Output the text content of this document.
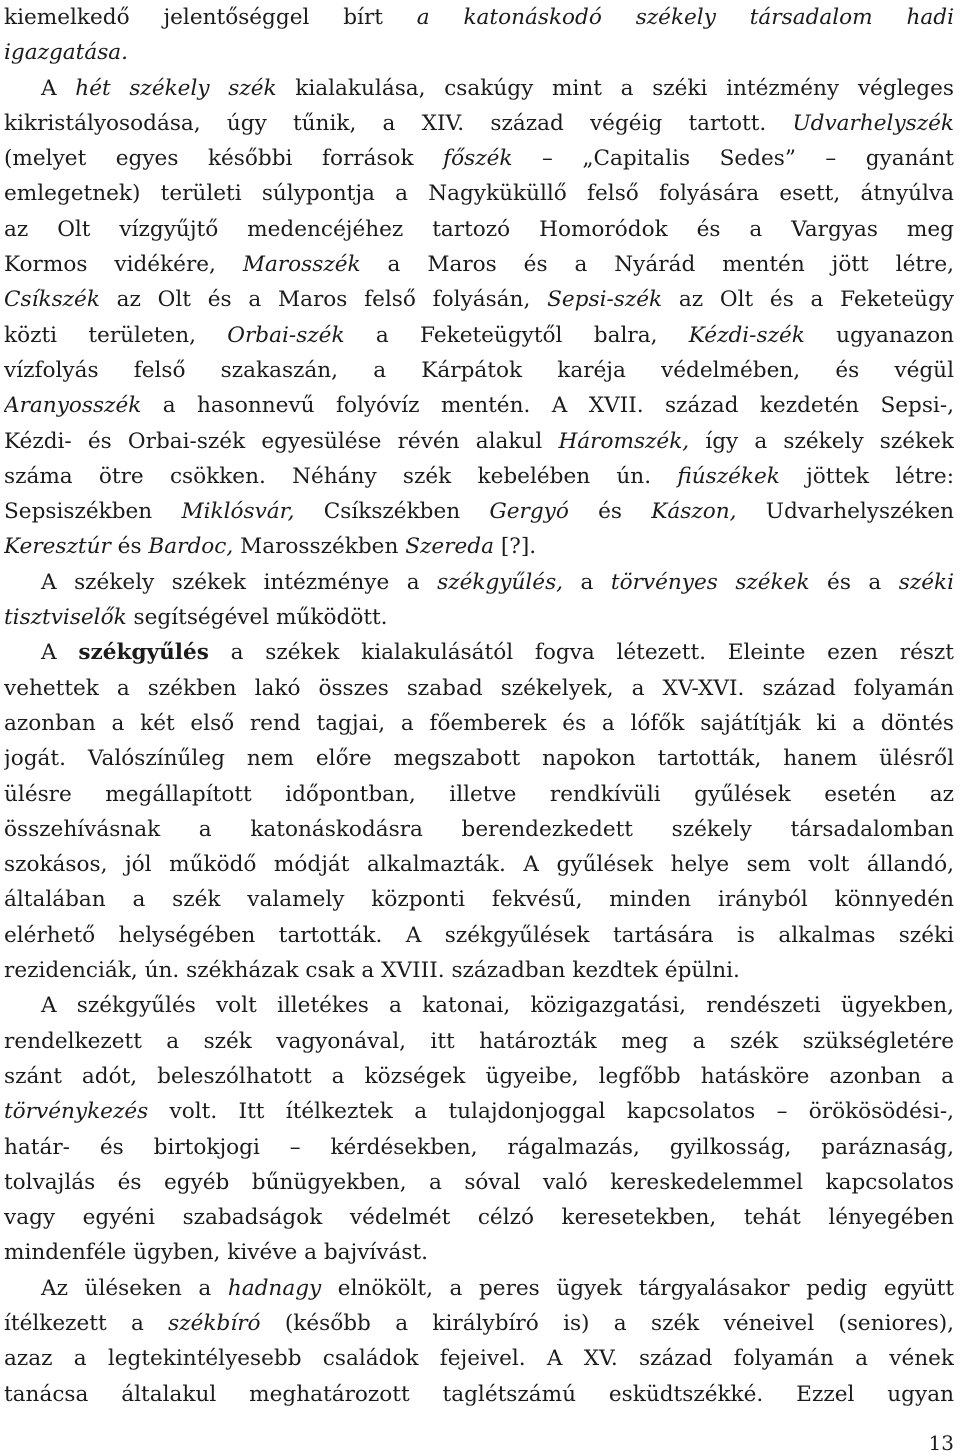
kiemelkedő jelentőséggel bírt a katonáskodó székely társadalom hadi
igazgatása.
A hét székely szék kialakulása, csakúgy mint a széki intézmény végleges
kikristályosodása, úgy tűnik, a XIV. század végéig tartott. Udvarhelyszék
(melyet egyes későbbi források főszék – „Capitalis Sedes” – gyanánt
emlegetnek) területi súlypontja a Nagyküküllő felső folyására esett, átnyúlva
az Olt vízgyűjtő medencéjéhez tartozó Homoródok és a Vargyas meg
Kormos vidékére, Marosszék a Maros és a Nyárád mentén jött létre,
Csíkszék az Olt és a Maros felső folyásán, Sepsi-szék az Olt és a Feketeügy
közti területen, Orbai-szék a Feketeügytől balra, Kézdi-szék ugyanazon
vízfolyás felső szakaszán, a Kárpátok karéja védelmében, és végül
Aranyosszék a hasonnevű folyóvíz mentén. A XVII. század kezdetén Sepsi-,
Kézdi- és Orbai-szék egyesülése révén alakul Háromszék, így a székely székek
száma ötre csökken. Néhány szék kebelében ún. fiúszékek jöttek létre:
Sepsiszékben Miklósvár, Csíkszékben Gergyó és Kászon, Udvarhelyszéken
Keresztúr és Bardoc, Marosszékben Szereda [?].
A székely székek intézménye a székgyűlés, a törvényes székek és a széki
tisztviselők segítségével működött.
A székgyűlés a székek kialakulásától fogva létezett. Eleinte ezen részt
vehettek a székben lakó összes szabad székelyek, a XV-XVI. század folyamán
azonban a két első rend tagjai, a főemberek és a lófők sajátítják ki a döntés
jogát. Valószínűleg nem előre megszabott napokon tartották, hanem ülésről
ülésre megállapított időpontban, illetve rendkívüli gyűlések esetén az
összehívásnak a katonáskodásra berendezkedett székely társadalomban
szokásos, jól működő módját alkalmazták. A gyűlések helye sem volt állandó,
általában a szék valamely központi fekvésű, minden irányból könnyedén
elérhető helységében tartották. A székgyűlések tartására is alkalmas széki
rezidenciák, ún. székházak csak a XVIII. században kezdtek épülni.
A székgyűlés volt illetékes a katonai, közigazgatási, rendészeti ügyekben,
rendelkezett a szék vagyonával, itt határozták meg a szék szükségletére
szánt adót, beleszólhatott a községek ügyeibe, legfőbb hatásköre azonban a
törvénykezés volt. Itt ítélkeztek a tulajdonjoggal kapcsolatos – örökösödési-,
határ- és birtokjogi – kérdésekben, rágalmazás, gyilkosság, paráznaság,
tolvajlás és egyéb bűnügyekben, a sóval való kereskedelemmel kapcsolatos
vagy egyéni szabadságok védelmét célzó keresetekben, tehát lényegében
mindenféle ügyben, kivéve a bajvívást.
Az üléseken a hadnagy elnökölt, a peres ügyek tárgyalásakor pedig együtt
ítélkezett a székbíró (később a királybíró is) a szék véneivel (seniores),
azaz a legtekintélyesebb családok fejeivel. A XV. század folyamán a vének
tanácsa általakul meghatározott taglétszámú esküdtszékké. Ezzel ugyan
13
